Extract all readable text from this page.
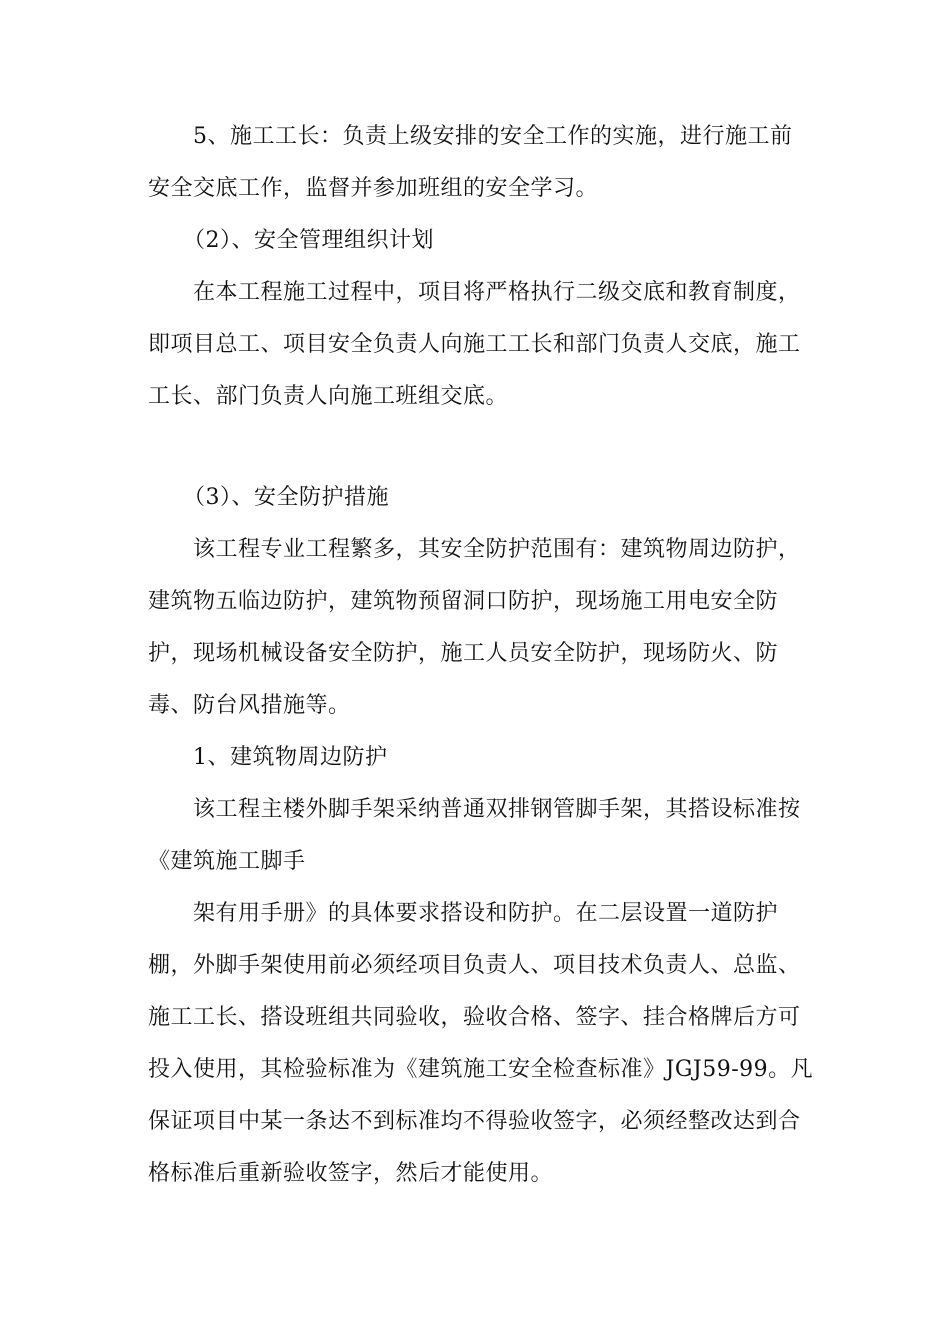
5、施工工长：负责上级安排的安全工作的实施，进行施工前
安全交底工作，监督并参加班组的安全学习。
（2）、安全管理组织计划
在本工程施工过程中，项目将严格执行二级交底和教育制度，
即项目总工、项目安全负责人向施工工长和部门负责人交底，施工
工长、部门负责人向施工班组交底。
（3）、安全防护措施
该工程专业工程繁多，其安全防护范围有：建筑物周边防护，
建筑物五临边防护，建筑物预留洞口防护，现场施工用电安全防
护，现场机械设备安全防护，施工人员安全防护，现场防火、防
毒、防台风措施等。
1、建筑物周边防护
该工程主楼外脚手架采纳普通双排钢管脚手架，其搭设标准按
《建筑施工脚手
架有用手册》的具体要求搭设和防护。在二层设置一道防护
棚，外脚手架使用前必须经项目负责人、项目技术负责人、总监、
施工工长、搭设班组共同验收，验收合格、签字、挂合格牌后方可
投入使用，其检验标准为《建筑施工安全检查标准》JGJ59-99。凡
保证项目中某一条达不到标准均不得验收签字，必须经整改达到合
格标准后重新验收签字，然后才能使用。
